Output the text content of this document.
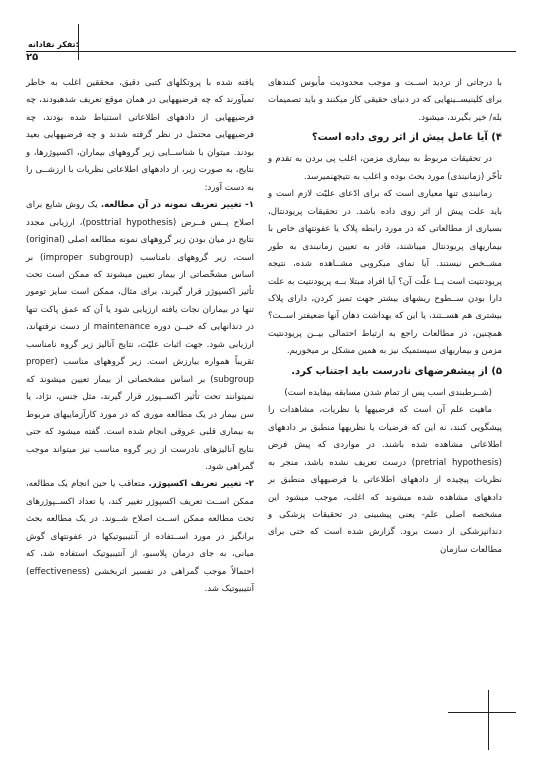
تفکر نقادانه:
۲۵

با درجاتی از تردید اســت و موجب محدودیت مأیوس کنندهای برای کلینیســینهایی که در دنیای حقیقی کار میکنند و باید تصمیمات بله/ خیر بگیرند، میشود.

۴) آیا عامل پیش از اثر روی داده است؟

در تحقیقات مربوط به بیماری مزمن، اغلب پی بردن به تقدم و تأخّر (زمانبندی) مورد بحث بوده و اغلب به نتیجهنمیرسد.

زمانبندی تنها معیاری است که برای ادّعای علیّت لازم است و باید علت پیش از اثر روی داده باشد. در تحقیقات پریودنتال، بسیاری از مطالعاتی که در مورد رابطه پلاک یا عفونتهای خاص با بیماریهای پریودنتال میباشند، قادر به تعیین زمانبندی به طور مشــخص نیستند. آیا نمای میکروبی مشــاهده شده، نتیجه پریودنتیت است یــا علّت آن؟ آیا افراد مبتلا بــه پریودنتیت به علت دارا بودن ســطوح ریشهای بیشتر جهت تمیز کردن، دارای پلاک بیشتری هم هســتند، یا این که بهداشت دهان آنها ضعیفتر اســت؟ همچنین، در مطالعات راجع به ارتباط احتمالی بیــن پریودنتیت مزمن و بیماریهای سیستمیک نیز به همین مشکل بر میخوریم.

۵) از پیشفرضهای نادرست باید اجتناب کرد.

(شــرطبندی اسب پس از تمام شدن مسابقه بیفایده است)

ماهیت علم آن است که فرضیهها یا نظریات، مشاهدات را پیشگویی کنند، نه این که فرضیات یا نظریهها منطبق بر دادههای اطلاعاتی مشاهده شده باشند. در مواردی که پیش فرض (pretrial hypothesis) درست تعریف نشده باشد، منجر به نظریات پیچیده از دادههای اطلاعاتی یا فرضیههای منطبق بر دادههای مشاهده شده میشوند که اغلب، موجب میشود این مشخصه اصلی علم- یعنی پیشبینی در تحقیقات پزشکی و دندانپزشکی از دست برود. گزارش شده است که حتی برای مطالعات سازمان

یافته شده با پروتکلهای کتبی دقیق، محققین اغلب به خاطر تمیآورند که چه فرضیههایی در همان موقع تعریف شدهبودند، چه فرضیههایی از دادههای اطلاعاتی استنباط شده بودند، چه فرضیههایی محتمل در نظر گرفته شدند و چه فرضیههایی بعید بودند. میتوان با شناســایی زیر گروههای بیماران، اکسپوژرها، و نتایج، به صورت زیر، از دادههای اطلاعاتی نظریات با ارزشــی را به دست آورد:

۱- تغییر تعریف نمونه در آن مطالعه. یک روش شایع برای اصلاح پــس فــرض (posttrial hypothesis)، ارزیابی مجدد نتایج در میان بودن زیر گروههای نمونه مطالعه اصلی (original) است، زیر گروههای نامناسب (improper subgroup) بر اساس مشخّصاتی از بیمار تعیین میشوند که ممکن است تحت تأثیر اکسپوژر قرار گیرند، برای مثال، ممکن است سایز تومور تنها در بیماران نجات یافته ارزیابی شود یا آن که عمق پاکت تنها در دندانهایی که حیــن دوره maintenance از دست نرفتهاند، ارزیابی شود. جهت اثبات علیّت، نتایج آنالیز زیر گروه نامناسب تقریباً همواره بیارزش است. زیر گروههای مناسب (proper subgroup) بر اساس مشخصاتی از بیمار تعیین میشوند که نمیتوانند تحت تأثیر اکســپوژر قرار گیرند، مثل جنس، نژاد، یا سن بیمار در یک مطالعه موری که در مورد کارآزماییهای مربوط به بیماری قلبی عروقی انجام شده است. گفته میشود که حتی نتایج آنالیزهای نادرست از زیر گروه مناسب نیز میتواند موجب گمراهی شود.

۲- تغییر تعریف اکسپوژر. متعاقب یا حین انجام یک مطالعه، ممکن اســت تعریف اکسپوژر تغییر کند، یا تعداد اکســپوژرهای تحت مطالعه ممکن اســت اصلاح شــوند. در یک مطالعه بحث برانگیز در مورد اســتفاده از آنتیبیوتیکها در عفونتهای گوش میانی، به جای درمان پلاسبو، از آنتیبیوتیک استفاده شد، که احتمالاً موجب گمراهی در تفسیر اثربخشی (effectiveness) آنتیبیوتیک شد.
